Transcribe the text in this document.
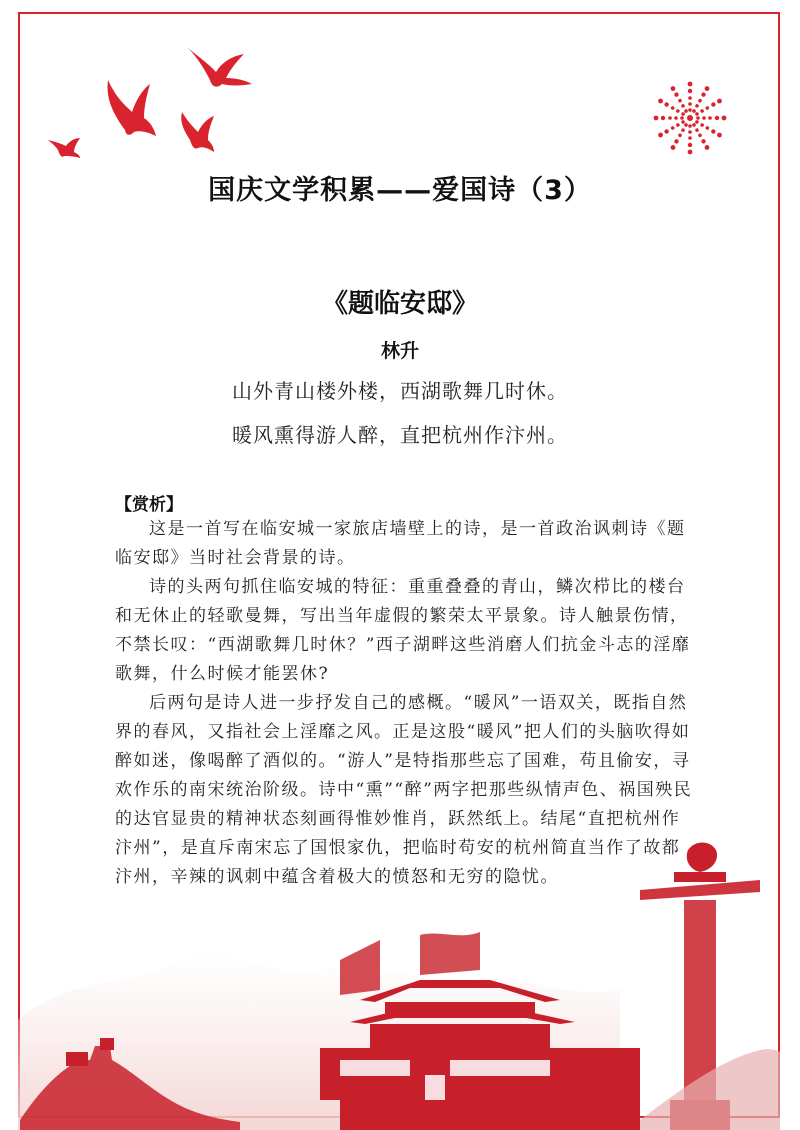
国庆文学积累——爱国诗（3）
《题临安邸》
林升
山外青山楼外楼，西湖歌舞几时休。
暖风熏得游人醉，直把杭州作汴州。
【赏析】

这是一首写在临安城一家旅店墙壁上的诗，是一首政治讽刺诗《题临安邸》当时社会背景的诗。

诗的头两句抓住临安城的特征：重重叠叠的青山，鳞次栉比的楼台和无休止的轻歌曼舞，写出当年虚假的繁荣太平景象。诗人触景伤情，不禁长叹：“西湖歌舞几时休？”西子湖畔这些消磨人们抗金斗志的淫靡歌舞，什么时候才能罢休?

后两句是诗人进一步抒发自己的感概。“暖风”一语双关，既指自然界的春风，又指社会上淫靡之风。正是这股“暖风”把人们的头脑吹得如醉如迷，像喝醉了酒似的。“游人”是特指那些忘了国难，苟且偷安，寻欢作乐的南宋统治阶级。诗中“熏”“醉”两字把那些纵情声色、祸国殃民的达官显贵的精神状态刻画得惟妙惟肖，跃然纸上。结尾“直把杭州作汴州”，是直斥南宋忘了国恨家仇，把临时苟安的杭州简直当作了故都汴州，辛辣的讽刺中蕴含着极大的愤怒和无穷的隐忧。
